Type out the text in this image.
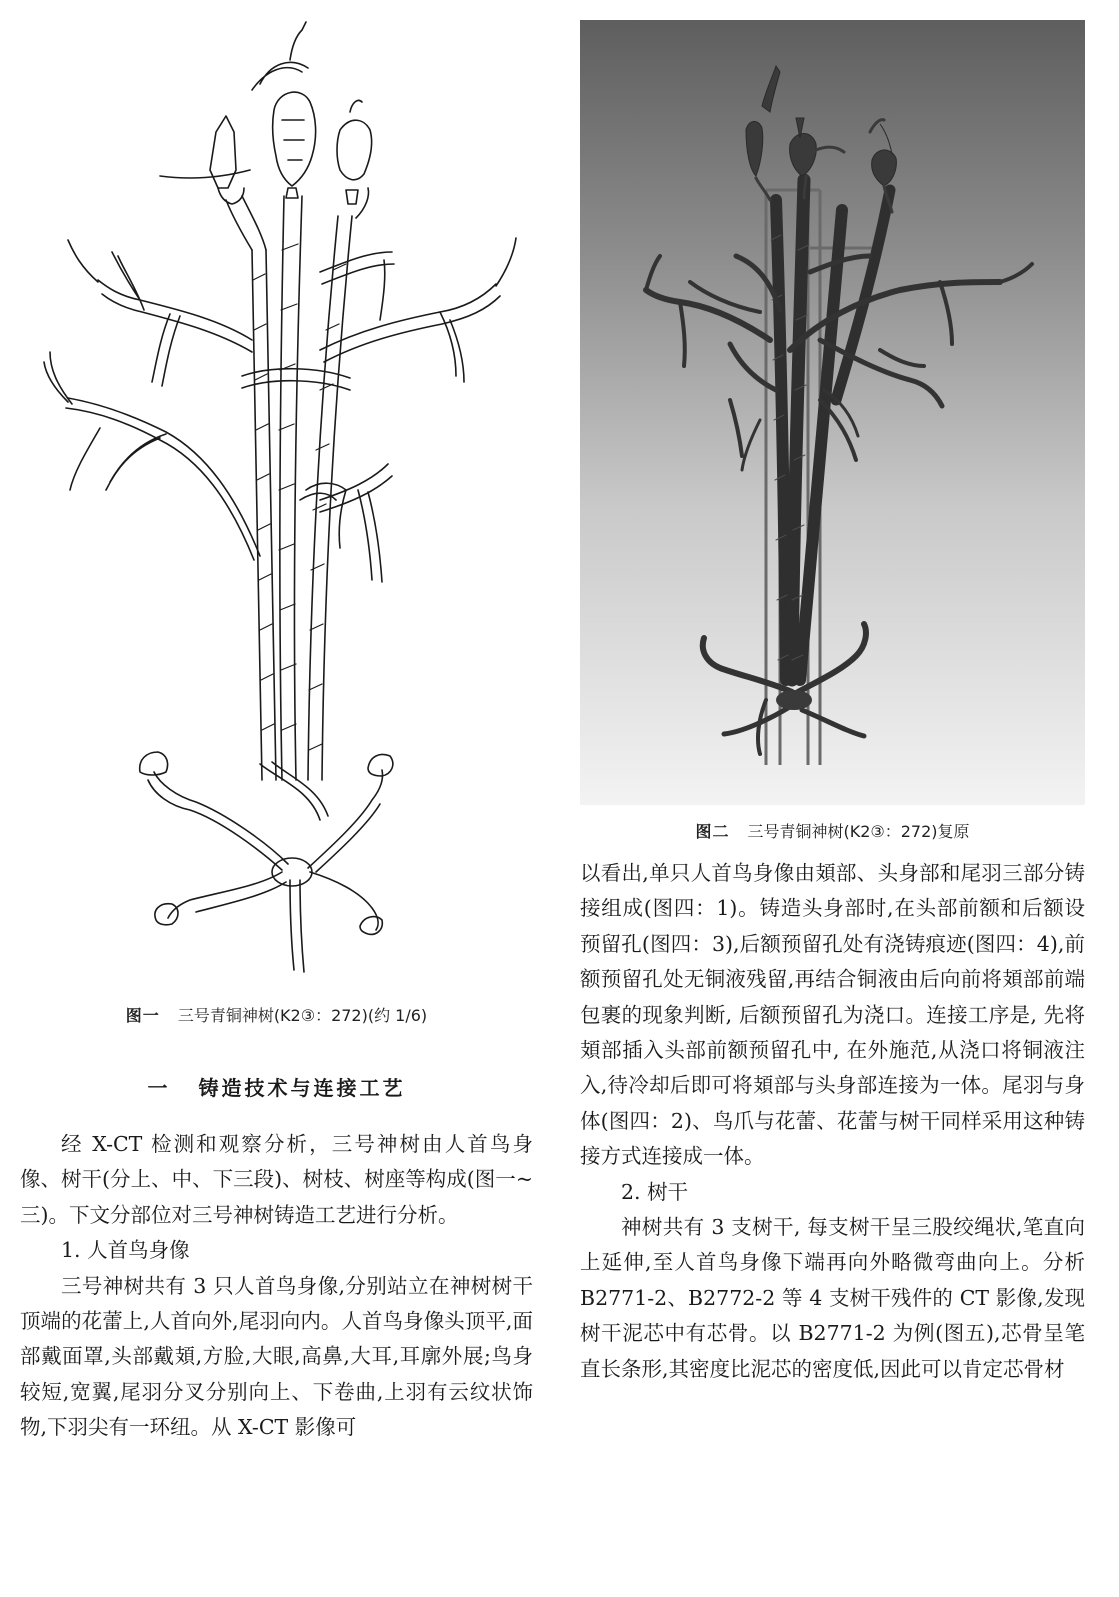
图一 三号青铜神树(K2③：272)(约 1/6)
一 铸造技术与连接工艺

经 X-CT 检测和观察分析，三号神树由人首鸟身像、树干(分上、中、下三段)、树枝、树座等构成(图一~三)。下文分部位对三号神树铸造工艺进行分析。

1. 人首鸟身像

三号神树共有 3 只人首鸟身像,分别站立在神树树干顶端的花蕾上,人首向外,尾羽向内。人首鸟身像头顶平,面部戴面罩,头部戴頍,方脸,大眼,高鼻,大耳,耳廓外展;鸟身较短,宽翼,尾羽分叉分别向上、下卷曲,上羽有云纹状饰物,下羽尖有一环纽。从 X-CT 影像可

图二 三号青铜神树(K2③：272)复原

以看出,单只人首鸟身像由頍部、头身部和尾羽三部分铸接组成(图四：1)。铸造头身部时,在头部前额和后额设预留孔(图四：3),后额预留孔处有浇铸痕迹(图四：4),前额预留孔处无铜液残留,再结合铜液由后向前将頍部前端包裹的现象判断, 后额预留孔为浇口。连接工序是, 先将頍部插入头部前额预留孔中, 在外施范,从浇口将铜液注入,待冷却后即可将頍部与头身部连接为一体。尾羽与身体(图四：2)、鸟爪与花蕾、花蕾与树干同样采用这种铸接方式连接成一体。

2. 树干

神树共有 3 支树干, 每支树干呈三股绞绳状,笔直向上延伸,至人首鸟身像下端再向外略微弯曲向上。分析 B2771-2、B2772-2 等 4 支树干残件的 CT 影像,发现树干泥芯中有芯骨。以 B2771-2 为例(图五),芯骨呈笔直长条形,其密度比泥芯的密度低,因此可以肯定芯骨材
